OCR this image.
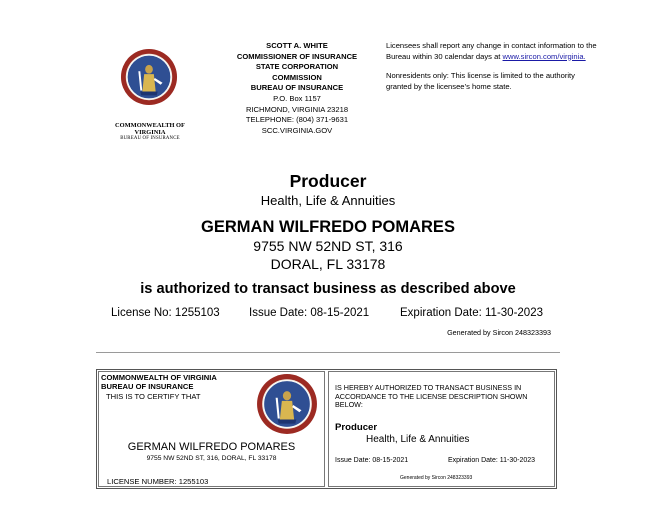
COMMONWEALTH OF
VIRGINIA
BUREAU OF INSURANCE
SCOTT A. WHITE
COMMISSIONER OF INSURANCE
STATE CORPORATION
COMMISSION
BUREAU OF INSURANCE
P.O. Box 1157
RICHMOND, VIRGINIA 23218
TELEPHONE: (804) 371-9631
SCC.VIRGINIA.GOV

Licensees shall report any change in contact information to the Bureau within 30 calendar days at www.sircon.com/virginia.

Nonresidents only: This license is limited to the authority granted by the licensee’s home state.

Producer
Health, Life & Annuities
GERMAN WILFREDO POMARES
9755 NW 52ND ST, 316
DORAL, FL 33178
is authorized to transact business as described above
License No: 1255103	Issue Date: 08-15-2021	Expiration Date: 11-30-2023
Generated by Sircon 248323393
COMMONWEALTH OF VIRGINIA
BUREAU OF INSURANCE
THIS IS TO CERTIFY THAT
GERMAN WILFREDO POMARES
9755 NW 52ND ST, 316, DORAL, FL 33178
LICENSE NUMBER: 1255103
IS HEREBY AUTHORIZED TO TRANSACT BUSINESS IN ACCORDANCE TO THE LICENSE DESCRIPTION SHOWN BELOW:
Producer
Health, Life & Annuities
Issue Date: 08-15-2021	Expiration Date: 11-30-2023
Generated by Sircon 248323393
